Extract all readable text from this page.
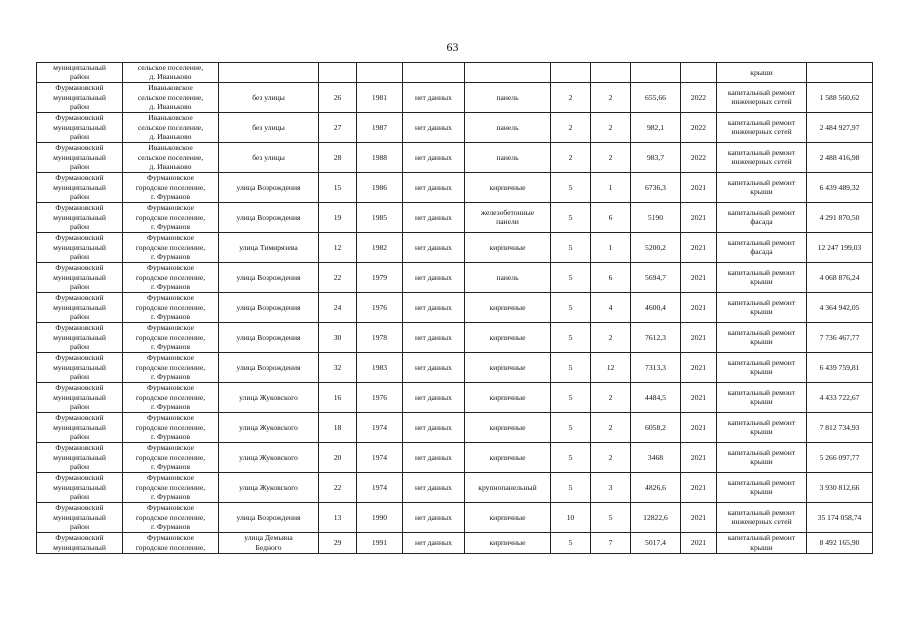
63
муниципальный
район	сельское поселение,
д. Иваньково										крыши	

Фурмановский
муниципальный
район	Иваньковское
сельское поселение,
д. Иваньково	без улицы	26	1981	нет данных	панель	2	2	655,66	2022	капитальный ремонт
инженерных сетей	1 588 560,62

Фурмановский
муниципальный
район	Иваньковское
сельское поселение,
д. Иваньково	без улицы	27	1987	нет данных	панель	2	2	982,1	2022	капитальный ремонт
инженерных сетей	2 484 927,97

Фурмановский
муниципальный
район	Иваньковское
сельское поселение,
д. Иваньково	без улицы	28	1988	нет данных	панель	2	2	983,7	2022	капитальный ремонт
инженерных сетей	2 488 416,98

Фурмановский
муниципальный
район	Фурмановское
городское поселение,
г. Фурманов	улица Возрождения	15	1986	нет данных	кирпичные	5	1	6736,3	2021	капитальный ремонт
крыши	6 439 489,32

Фурмановский
муниципальный
район	Фурмановское
городское поселение,
г. Фурманов	улица Возрождения	19	1985	нет данных	железобетонные
панели	5	6	5190	2021	капитальный ремонт
фасада	4 291 870,50

Фурмановский
муниципальный
район	Фурмановское
городское поселение,
г. Фурманов	улица Тимирязева	12	1982	нет данных	кирпичные	5	1	5200,2	2021	капитальный ремонт
фасада	12 247 199,03

Фурмановский
муниципальный
район	Фурмановское
городское поселение,
г. Фурманов	улица Возрождения	22	1979	нет данных	панель	5	6	5694,7	2021	капитальный ремонт
крыши	4 068 876,24

Фурмановский
муниципальный
район	Фурмановское
городское поселение,
г. Фурманов	улица Возрождения	24	1976	нет данных	кирпичные	5	4	4600,4	2021	капитальный ремонт
крыши	4 364 942,05

Фурмановский
муниципальный
район	Фурмановское
городское поселение,
г. Фурманов	улица Возрождения	30	1978	нет данных	кирпичные	5	2	7612,3	2021	капитальный ремонт
крыши	7 736 467,77

Фурмановский
муниципальный
район	Фурмановское
городское поселение,
г. Фурманов	улица Возрождения	32	1983	нет данных	кирпичные	5	12	7313,3	2021	капитальный ремонт
крыши	6 439 759,81

Фурмановский
муниципальный
район	Фурмановское
городское поселение,
г. Фурманов	улица Жуковского	16	1976	нет данных	кирпичные	5	2	4484,5	2021	капитальный ремонт
крыши	4 433 722,67

Фурмановский
муниципальный
район	Фурмановское
городское поселение,
г. Фурманов	улица Жуковского	18	1974	нет данных	кирпичные	5	2	6058,2	2021	капитальный ремонт
крыши	7 812 734,93

Фурмановский
муниципальный
район	Фурмановское
городское поселение,
г. Фурманов	улица Жуковского	20	1974	нет данных	кирпичные	5	2	3468	2021	капитальный ремонт
крыши	5 266 097,77

Фурмановский
муниципальный
район	Фурмановское
городское поселение,
г. Фурманов	улица Жуковского	22	1974	нет данных	крупнопанельный	5	3	4826,6	2021	капитальный ремонт
крыши	3 930 812,66

Фурмановский
муниципальный
район	Фурмановское
городское поселение,
г. Фурманов	улица Возрождения	13	1990	нет данных	кирпичные	10	5	12822,6	2021	капитальный ремонт
инженерных сетей	35 174 058,74

Фурмановский
муниципальный	Фурмановское
городское поселение,	улица Демьяна
Бедного	29	1991	нет данных	кирпичные	5	7	5017,4	2021	капитальный ремонт
крыши	8 492 165,90
